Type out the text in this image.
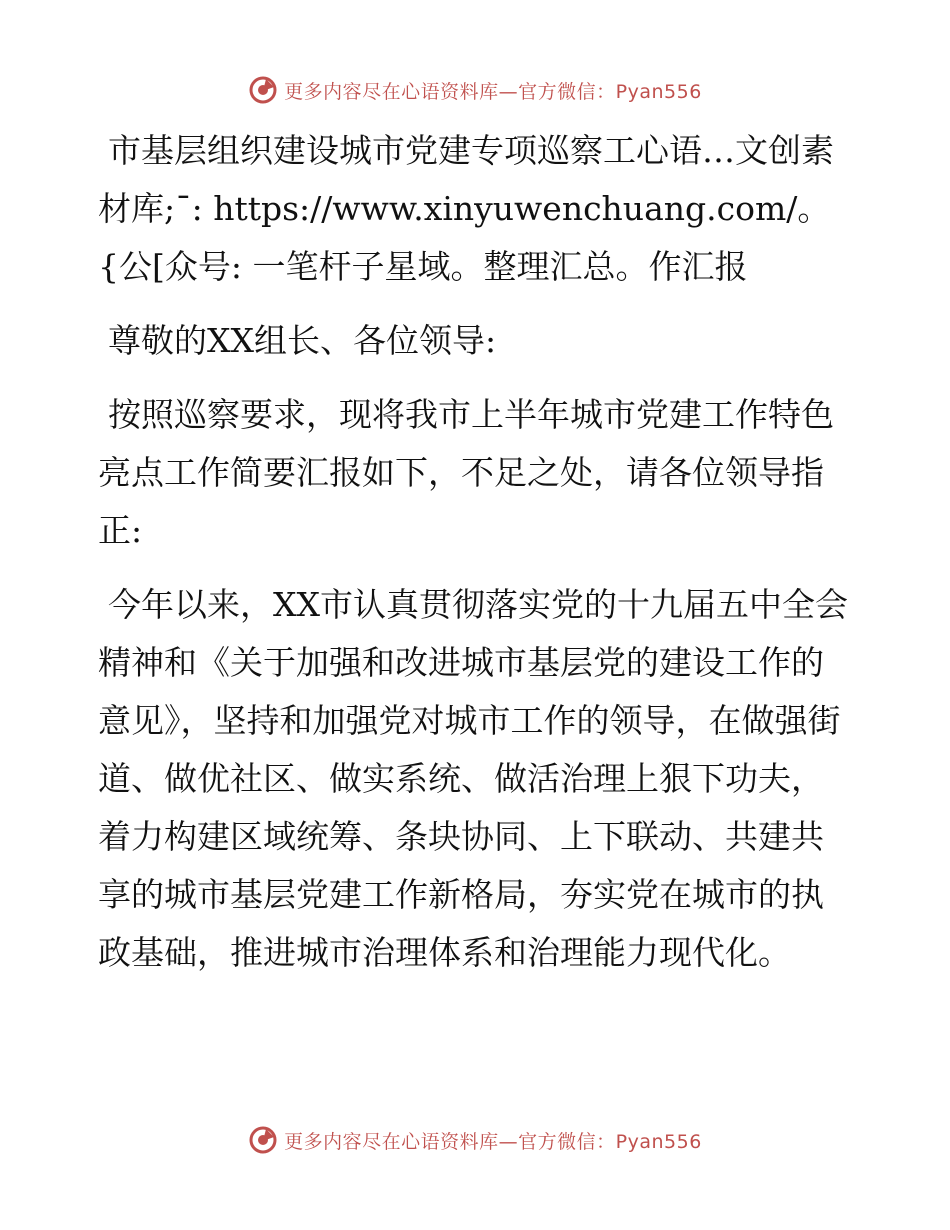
更多内容尽在心语资料库—官方微信：Pyan556

市基层组织建设城市党建专项巡察工心语…文创素材库;¯: https://www.xinyuwenchuang.com/。{公[众号: 一笔杆子星域。整理汇总。作汇报

尊敬的XX组长、各位领导:

按照巡察要求，现将我市上半年城市党建工作特色亮点工作简要汇报如下，不足之处，请各位领导指正:

今年以来，XX市认真贯彻落实党的十九届五中全会精神和《关于加强和改进城市基层党的建设工作的意见》，坚持和加强党对城市工作的领导，在做强街道、做优社区、做实系统、做活治理上狠下功夫，着力构建区域统筹、条块协同、上下联动、共建共享的城市基层党建工作新格局，夯实党在城市的执政基础，推进城市治理体系和治理能力现代化。

更多内容尽在心语资料库—官方微信：Pyan556
